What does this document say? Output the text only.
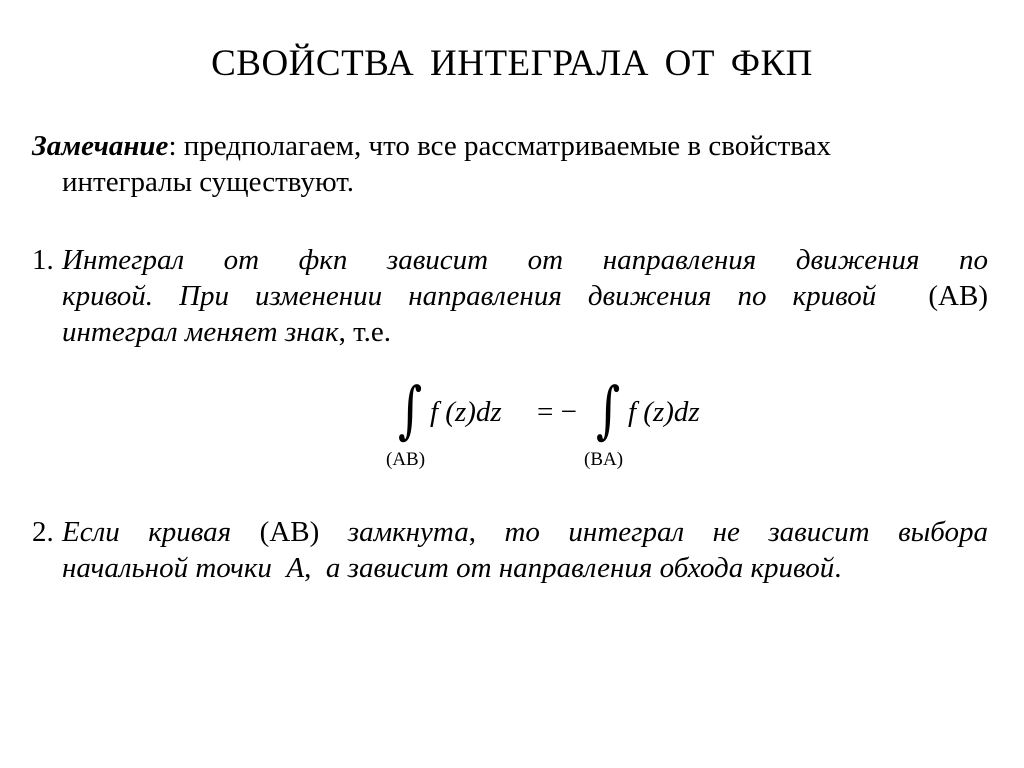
СВОЙСТВА ИНТЕГРАЛА ОТ ФКП
Замечание: предполагаем, что все рассматриваемые в свойствах
интегралы существуют.
1. Интеграл от фкп зависит от направления движения по
кривой. При изменении направления движения по кривой (AB)
интеграл меняет знак, т.е.
∫ f (z)dz = − ∫ f (z)dz
(AB)	(BA)
2. Если кривая (AB) замкнута, то интеграл не зависит выбора
начальной точки A, а зависит от направления обхода кривой.
